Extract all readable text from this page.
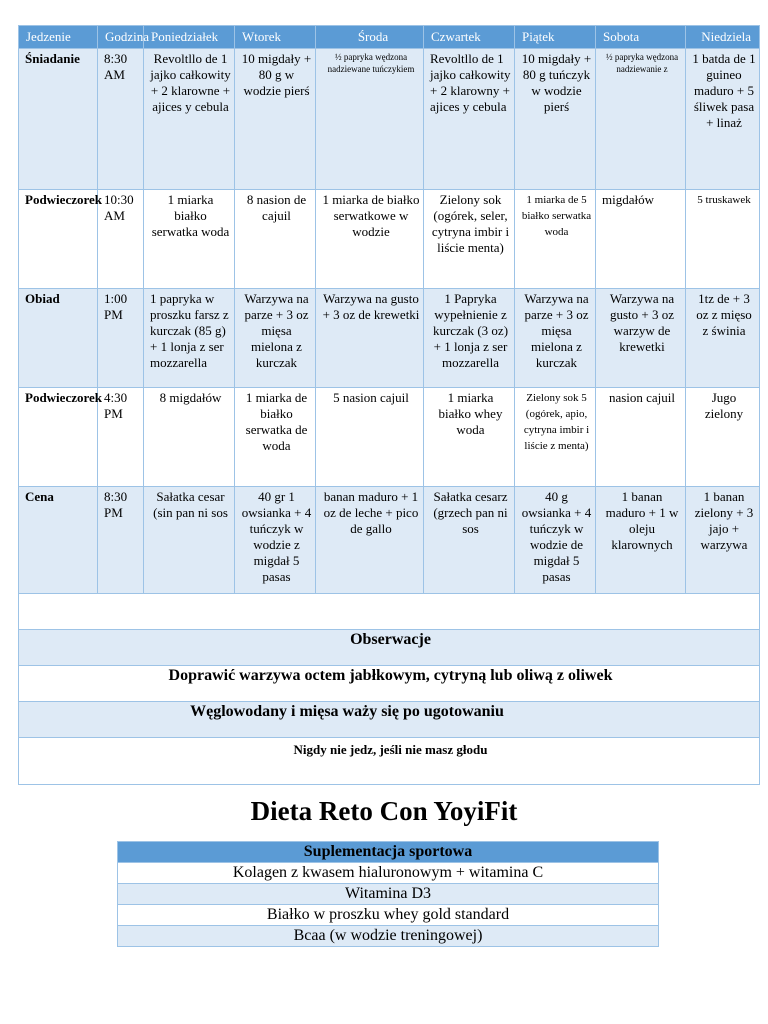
Jedzenie	Godzina	Poniedziałek	Wtorek	Środa	Czwartek	Piątek	Sobota	Niedziela
Śniadanie	8:30 AM	Revoltllo de 1 jajko całkowity + 2 klarowne + ajices y cebula	10 migdały + 80 g w wodzie pierś	½ papryka wędzona nadziewane tuńczykiem	Revoltllo de 1 jajko całkowity + 2 klarowny + ajices y cebula	10 migdały + 80 g tuńczyk w wodzie pierś	½ papryka wędzona nadziewanie z	1 batda de 1 guineo maduro + 5 śliwek pasa + linaż
Podwieczorek	10:30 AM	1 miarka białko serwatka woda	8 nasion de cajuil	1 miarka de białko serwatkowe w wodzie	Zielony sok (ogórek, seler, cytryna imbir i liście menta)	1 miarka de 5 białko serwatka woda	migdałów	5 truskawek
Obiad	1:00 PM	1 papryka w proszku farsz z kurczak (85 g) + 1 lonja z ser mozzarella	Warzywa na parze + 3 oz mięsa mielona z kurczak	Warzywa na gusto + 3 oz de krewetki	1 Papryka wypełnienie z kurczak (3 oz) + 1 lonja z ser mozzarella	Warzywa na parze + 3 oz mięsa mielona z kurczak	Warzywa na gusto + 3 oz warzyw de krewetki	1tz de + 3 oz z mięso z świnia
Podwieczorek	4:30 PM	8 migdałów	1 miarka de białko serwatka de woda	5 nasion cajuil	1 miarka białko whey woda	Zielony sok 5 (ogórek, apio, cytryna imbir i liście z menta)	nasion cajuil	Jugo zielony
Cena	8:30 PM	Sałatka cesar (sin pan ni sos	40 gr 1 owsianka + 4 tuńczyk w wodzie z migdał 5 pasas	banan maduro + 1 oz de leche + pico de gallo	Sałatka cesarz (grzech pan ni sos	40 g owsianka + 4 tuńczyk w wodzie de migdał 5 pasas	1 banan maduro + 1 w oleju klarownych	1 banan zielony + 3 jajo + warzywa

Obserwacje								
Doprawić warzywa octem jabłkowym, cytryną lub oliwą z oliwek								
Węglowodany i mięsa waży się po ugotowaniu								
Nigdy nie jedz, jeśli nie masz głodu								
Dieta Reto Con YoyiFit
Suplementacja sportowa
Kolagen z kwasem hialuronowym + witamina C
Witamina D3
Białko w proszku whey gold standard
Bcaa (w wodzie treningowej)
